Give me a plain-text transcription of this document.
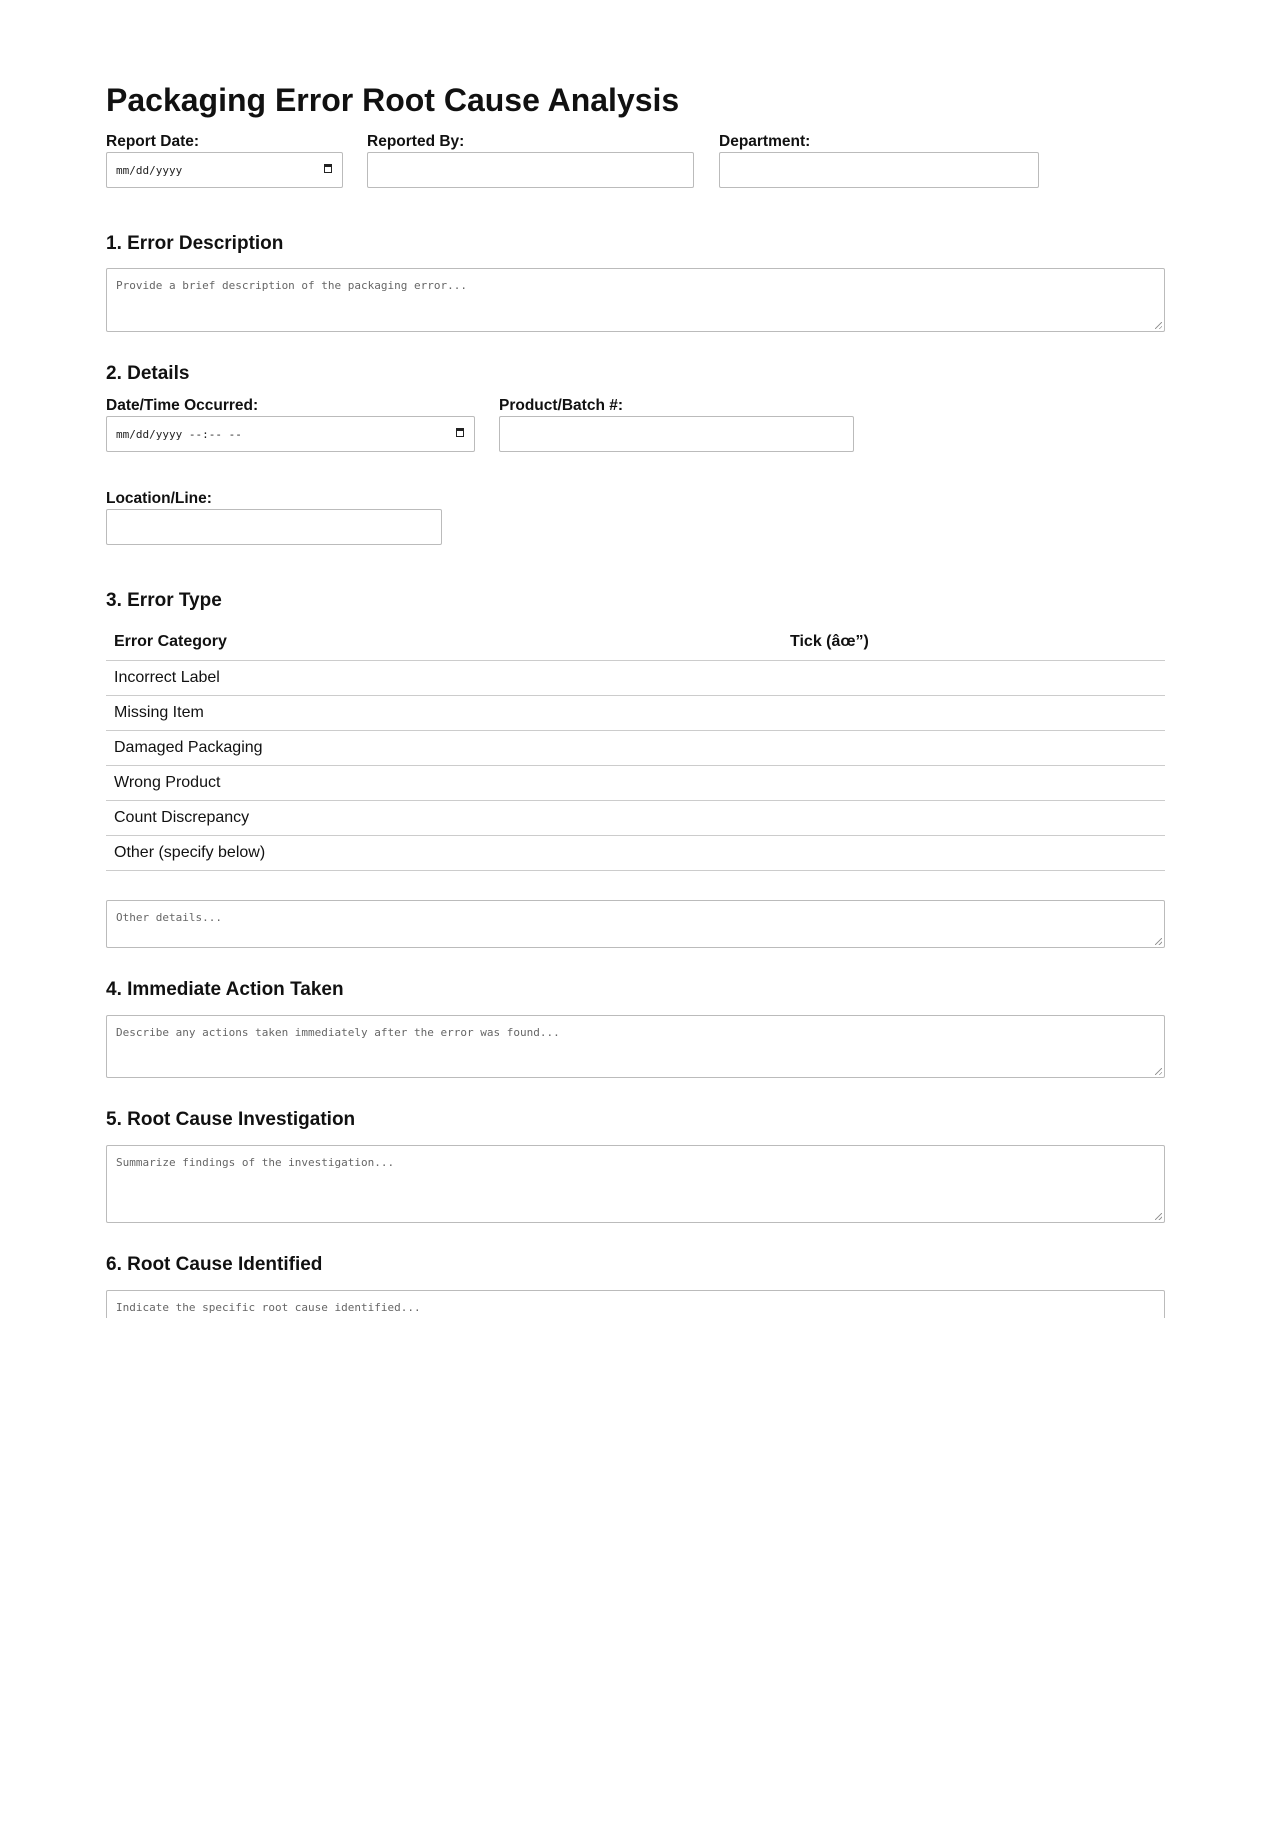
Packaging Error Root Cause Analysis
Report Date:
mm/dd/yyyy
Reported By:	Department:
1. Error Description
Provide a brief description of the packaging error...
2. Details
Date/Time Occurred:
mm/dd/yyyy --:-- --
Product/Batch #:
Location/Line:
3. Error Type
Error Category	Tick (âœ”)
Incorrect Label	
Missing Item	
Damaged Packaging	
Wrong Product	
Count Discrepancy	
Other (specify below)	
Other details...
4. Immediate Action Taken
Describe any actions taken immediately after the error was found...
5. Root Cause Investigation
Summarize findings of the investigation...
6. Root Cause Identified
Indicate the specific root cause identified...
